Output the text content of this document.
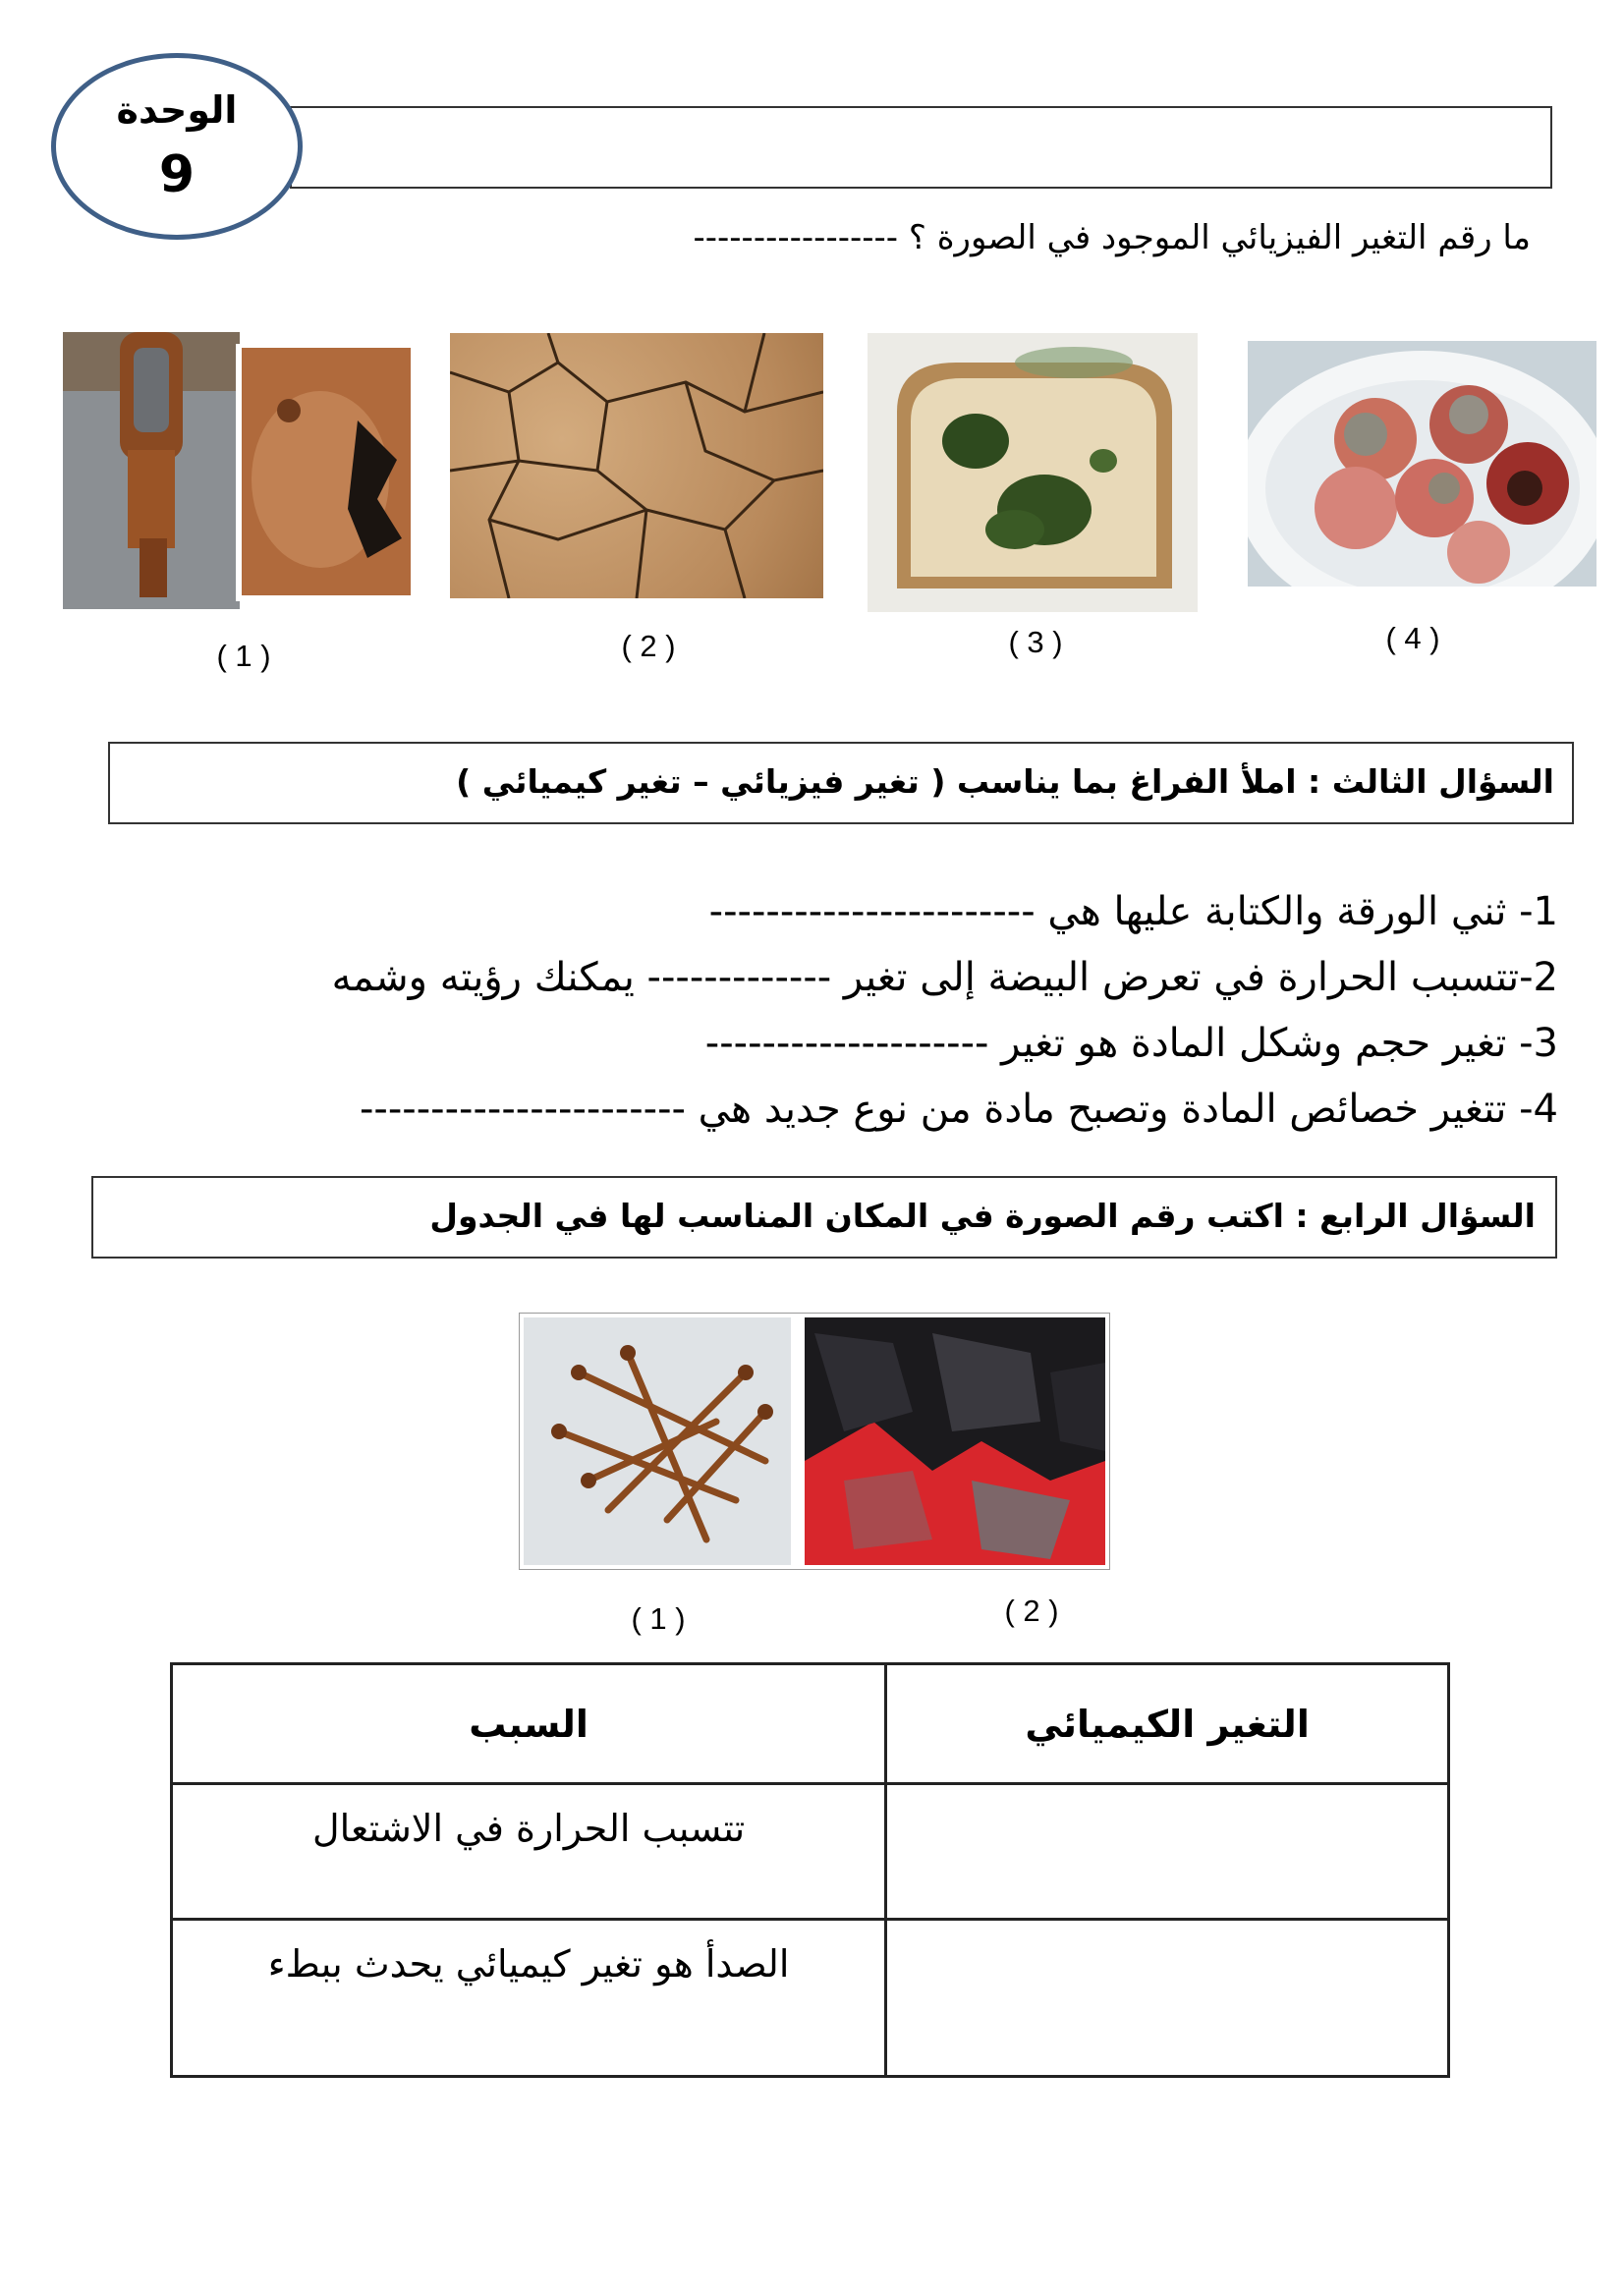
الوحدة
9
ما رقم التغير الفيزيائي الموجود في الصورة ؟ -----------------
( 1 )	( 2 )	( 3 )	( 4 )
السؤال الثالث : املأ الفراغ بما يناسب ( تغير فيزيائي – تغير كيميائي )
1- ثني الورقة والكتابة عليها هي -----------------------
2-تتسبب الحرارة في تعرض البيضة إلى تغير ------------- يمكنك رؤيته وشمه
3- تغير حجم وشكل المادة هو تغير --------------------
4- تتغير خصائص المادة وتصبح مادة من نوع جديد هي -----------------------
السؤال الرابع : اكتب رقم الصورة في المكان المناسب لها في الجدول
( 1 )	( 2 )
التغير الكيميائي	السبب
	تتسبب الحرارة في الاشتعال
	الصدأ هو تغير كيميائي يحدث ببطء
